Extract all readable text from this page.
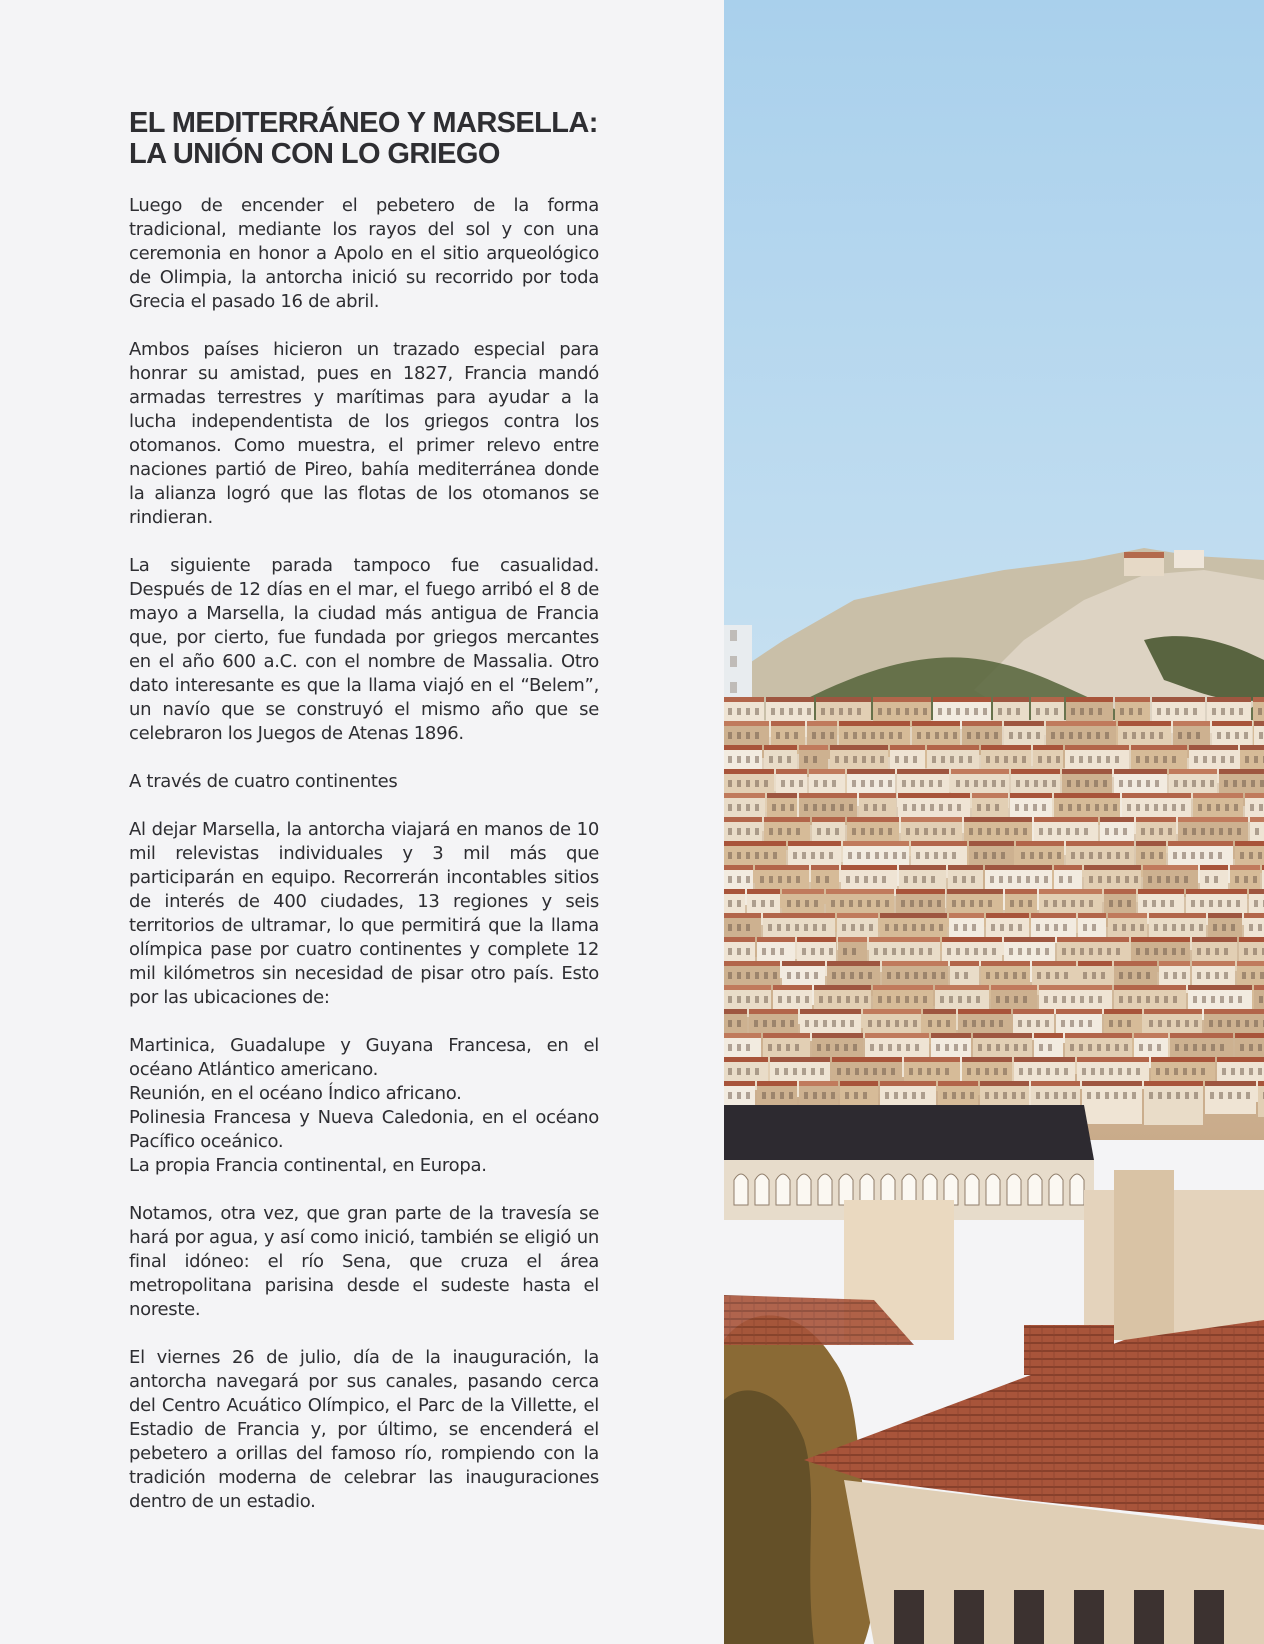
EL MEDITERRÁNEO Y MARSELLA: LA UNIÓN CON LO GRIEGO

Luego de encender el pebetero de la forma tradicional, mediante los rayos del sol y con una ceremonia en honor a Apolo en el sitio arqueológico de Olimpia, la antorcha inició su recorrido por toda Grecia el pasado 16 de abril.

Ambos países hicieron un trazado especial para honrar su amistad, pues en 1827, Francia mandó armadas terrestres y marítimas para ayudar a la lucha independentista de los griegos contra los otomanos. Como muestra, el primer relevo entre naciones partió de Pireo, bahía mediterránea donde la alianza logró que las flotas de los otomanos se rindieran.

La siguiente parada tampoco fue casualidad. Después de 12 días en el mar, el fuego arribó el 8 de mayo a Marsella, la ciudad más antigua de Francia que, por cierto, fue fundada por griegos mercantes en el año 600 a.C. con el nombre de Massalia. Otro dato interesante es que la llama viajó en el “Belem”, un navío que se construyó el mismo año que se celebraron los Juegos de Atenas 1896.

A través de cuatro continentes

Al dejar Marsella, la antorcha viajará en manos de 10 mil relevistas individuales y 3 mil más que participarán en equipo. Recorrerán incontables sitios de interés de 400 ciudades, 13 regiones y seis territorios de ultramar, lo que permitirá que la llama olímpica pase por cuatro continentes y complete 12 mil kilómetros sin necesidad de pisar otro país. Esto por las ubicaciones de:

Martinica, Guadalupe y Guyana Francesa, en el océano Atlántico americano.
Reunión, en el océano Índico africano.
Polinesia Francesa y Nueva Caledonia, en el océano Pacífico oceánico.
La propia Francia continental, en Europa.

Notamos, otra vez, que gran parte de la travesía se hará por agua, y así como inició, también se eligió un final idóneo: el río Sena, que cruza el área metropolitana parisina desde el sudeste hasta el noreste.

El viernes 26 de julio, día de la inauguración, la antorcha navegará por sus canales, pasando cerca del Centro Acuático Olímpico, el Parc de la Villette, el Estadio de Francia y, por último, se encenderá el pebetero a orillas del famoso río, rompiendo con la tradición moderna de celebrar las inauguraciones dentro de un estadio.
